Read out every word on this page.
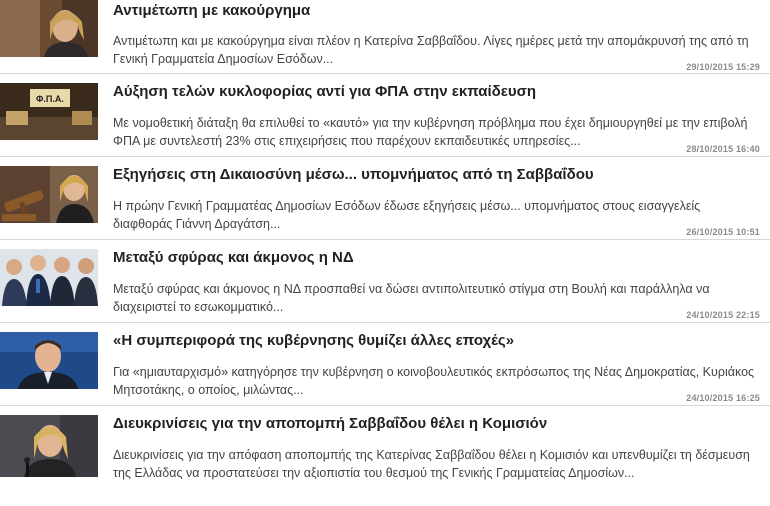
Αντιμέτωπη με κακούργημα
Αντιμέτωπη και με κακούργημα είναι πλέον η Κατερίνα Σαββαΐδου. Λίγες ημέρες μετά την απομάκρυνσή της από τη Γενική Γραμματεία Δημοσίων Εσόδων...
29/10/2015 15:29
Φ.Π.Α.	Αύξηση τελών κυκλοφορίας αντί για ΦΠΑ στην εκπαίδευση
Με νομοθετική διάταξη θα επιλυθεί το «καυτό» για την κυβέρνηση πρόβλημα που έχει δημιουργηθεί με την επιβολή ΦΠΑ με συντελεστή 23% στις επιχειρήσεις που παρέχουν εκπαιδευτικές υπηρεσίες...
28/10/2015 16:40
Εξηγήσεις στη Δικαιοσύνη μέσω... υπομνήματος από τη Σαββαΐδου
Η πρώην Γενική Γραμματέας Δημοσίων Εσόδων έδωσε εξηγήσεις μέσω... υπομνήματος στους εισαγγελείς διαφθοράς Γιάννη Δραγάτση...
26/10/2015 10:51
Μεταξύ σφύρας και άκμονος η ΝΔ
Μεταξύ σφύρας και άκμονος η ΝΔ προσπαθεί να δώσει αντιπολιτευτικό στίγμα στη Βουλή και παράλληλα να διαχειριστεί το εσωκομματικό...
24/10/2015 22:15
«Η συμπεριφορά της κυβέρνησης θυμίζει άλλες εποχές»
Για «ημιαυταρχισμό» κατηγόρησε την κυβέρνηση ο κοινοβουλευτικός εκπρόσωπος της Νέας Δημοκρατίας, Κυριάκος Μητσοτάκης, ο οποίος, μιλώντας...
24/10/2015 16:25
Διευκρινίσεις για την αποπομπή Σαββαΐδου θέλει η Κομισιόν
Διευκρινίσεις για την απόφαση αποπομπής της Κατερίνας Σαββαΐδου θέλει η Κομισιόν και υπενθυμίζει τη δέσμευση της Ελλάδας να προστατεύσει την αξιοπιστία του θεσμού της Γενικής Γραμματείας Δημοσίων...
